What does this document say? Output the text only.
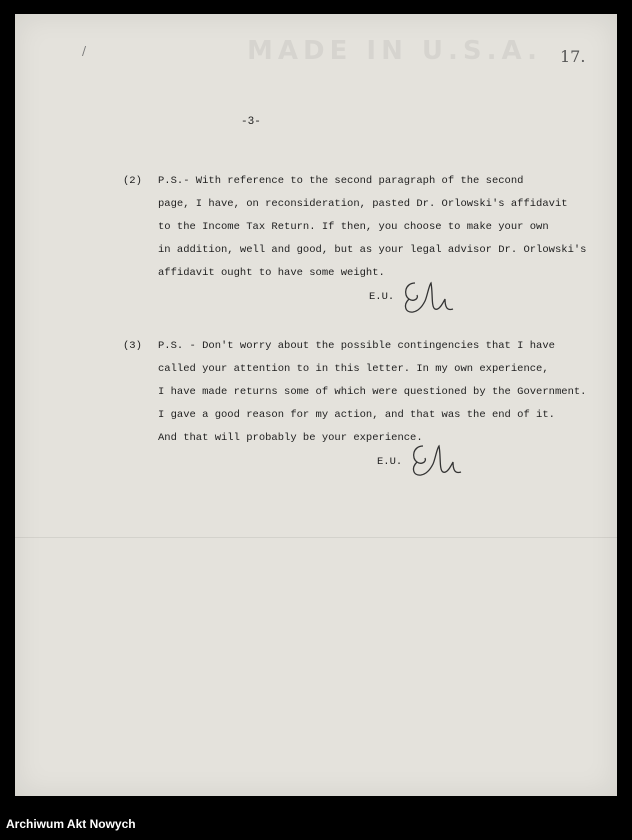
MADE IN U.S.A.
/	17.
-3-
(2) P.S.- With reference to the second paragraph of the second
page, I have, on reconsideration, pasted Dr. Orlowski's affidavit
to the Income Tax Return. If then, you choose to make your own
in addition, well and good, but as your legal advisor Dr. Orlowski's
affidavit ought to have some weight.
E.U.
(3) P.S. - Don't worry about the possible contingencies that I have
called your attention to in this letter. In my own experience,
I have made returns some of which were questioned by the Government.
I gave a good reason for my action, and that was the end of it.
And that will probably be your experience.
E.U.
Archiwum Akt Nowych
